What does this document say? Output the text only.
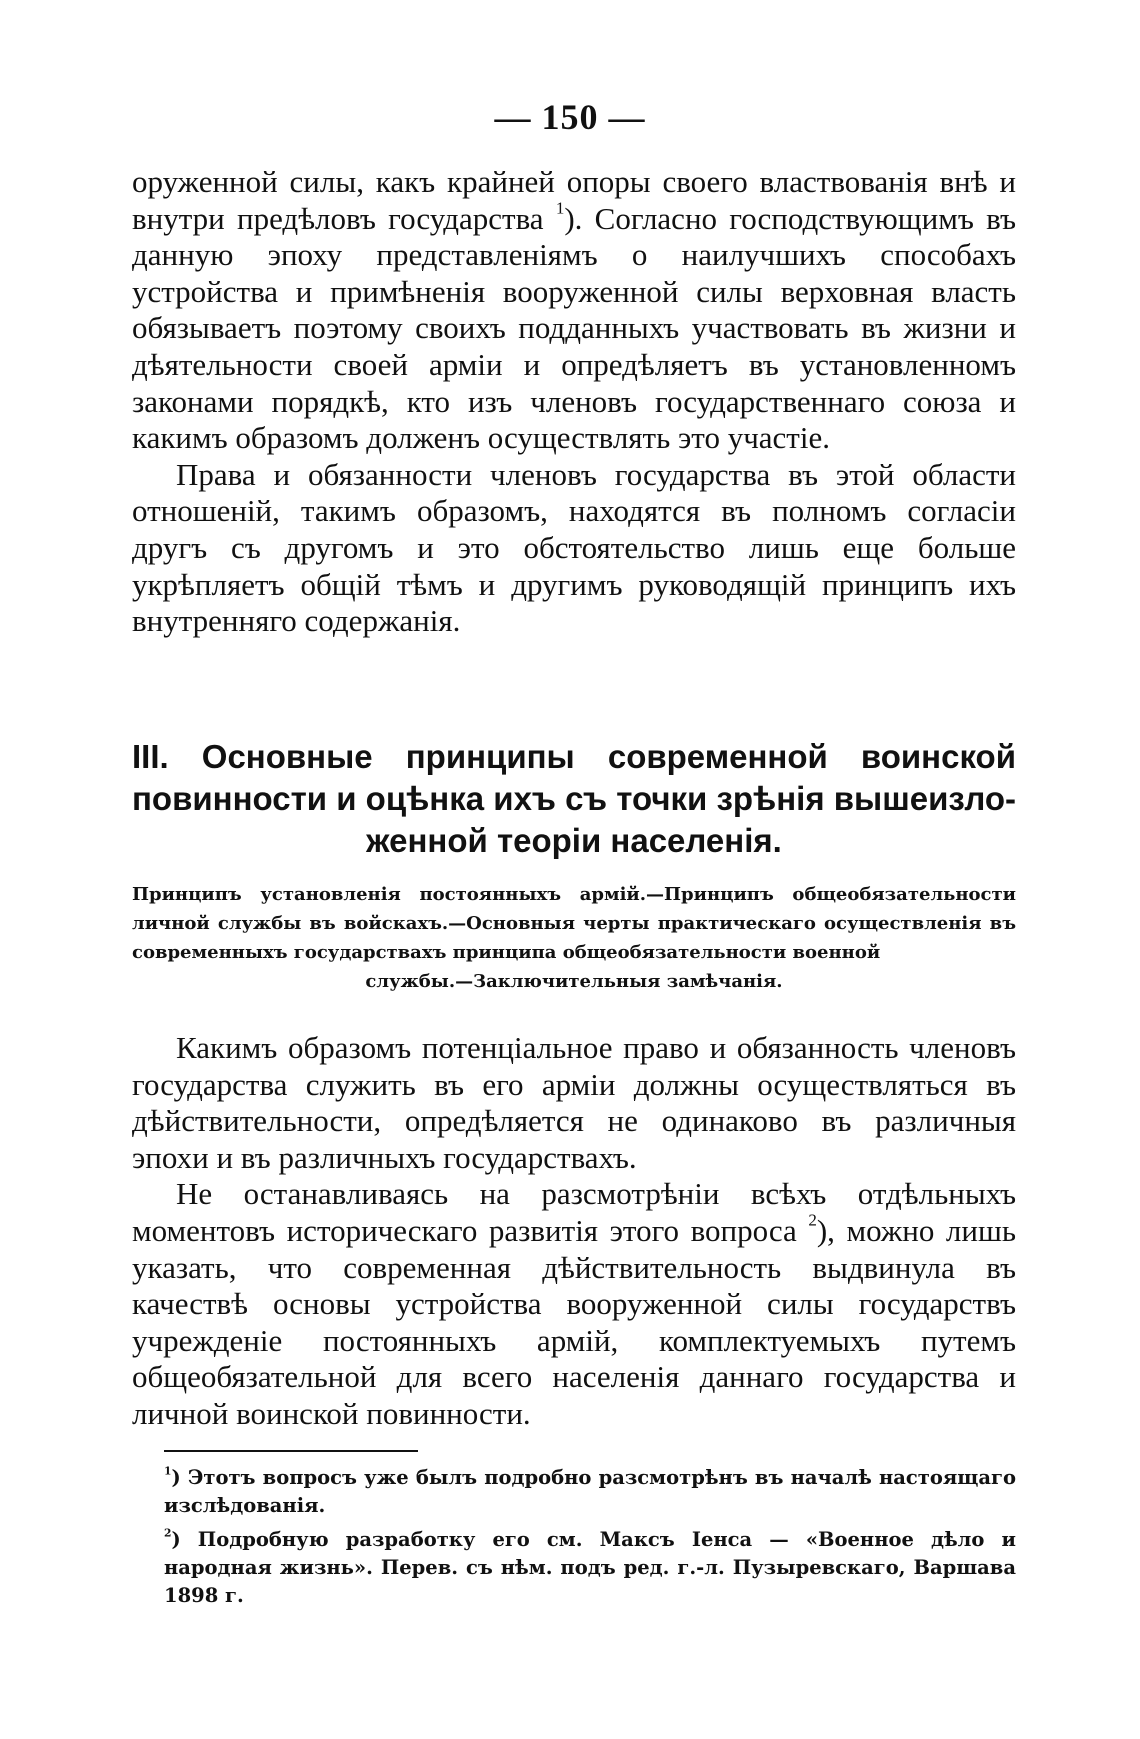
— 150 —

оруженной силы, какъ крайней опоры своего властвованія внѣ и внутри предѣловъ государства $^1$). Согласно господствующимъ въ данную эпоху представленіямъ о наилучшихъ способахъ устройства и примѣненія вооруженной силы верховная власть обязываетъ поэтому своихъ подданныхъ участвовать въ жизни и дѣятельности своей арміи и опредѣляетъ въ установленномъ законами порядкѣ, кто изъ членовъ государственнаго союза и какимъ образомъ долженъ осуществлять это участіе.

Права и обязанности членовъ государства въ этой области отношеній, такимъ образомъ, находятся въ полномъ согласіи другъ съ другомъ и это обстоятельство лишь еще больше укрѣпляетъ общій тѣмъ и другимъ руководящій принципъ ихъ внутренняго содержанія.

III. Основные принципы современной воинской повинности и оцѣнка ихъ съ точки зрѣнія вышеизло-
женной теоріи населенія.

Принципъ установленія постоянныхъ армій.—Принципъ общеобязательности личной службы въ войскахъ.—Основныя черты практическаго осуществленія въ современныхъ государствахъ принципа общеобязательности военной
службы.—Заключительныя замѣчанія.

Какимъ образомъ потенціальное право и обязанность членовъ государства служить въ его арміи должны осуществляться въ дѣйствительности, опредѣляется не одинаково въ различныя эпохи и въ различныхъ государствахъ.

Не останавливаясь на разсмотрѣніи всѣхъ отдѣльныхъ моментовъ историческаго развитія этого вопроса $^2$), можно лишь указать, что современная дѣйствительность выдвинула въ качествѣ основы устройства вооруженной силы государствъ учрежденіе постоянныхъ армій, комплектуемыхъ путемъ общеобязательной для всего населенія даннаго государства и личной воинской повинности.

$^1$) Этотъ вопросъ уже былъ подробно разсмотрѣнъ въ началѣ настоящаго изслѣдованія.

$^2$) Подробную разработку его см. Максъ Іенса — «Военное дѣло и народная жизнь». Перев. съ нѣм. подъ ред. г.-л. Пузыревскаго, Варшава 1898 г.
